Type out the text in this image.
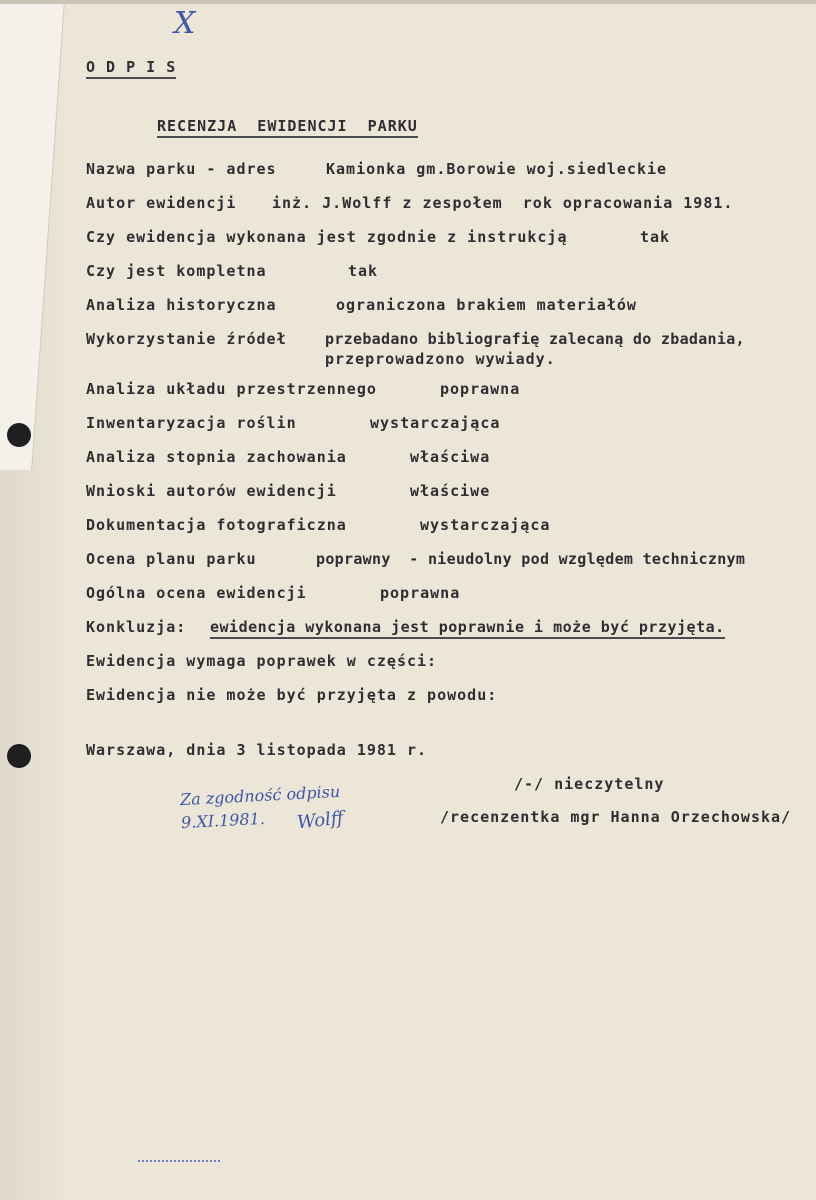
X
O D P I S
RECENZJA  EWIDENCJI  PARKU
Nazwa parku - adres	Kamionka gm.Borowie woj.siedleckie
Autor ewidencji inż. J.Wolff z zespołem  rok opracowania 1981.
Czy ewidencja wykonana jest zgodnie z instrukcją	tak
Czy jest kompletna	tak
Analiza historyczna	ograniczona brakiem materiałów
Wykorzystanie źródeł	przebadano bibliografię zalecaną do zbadania,
przeprowadzono wywiady.
Analiza układu przestrzennego	poprawna
Inwentaryzacja roślin	wystarczająca
Analiza stopnia zachowania	właściwa
Wnioski autorów ewidencji	właściwe
Dokumentacja fotograficzna	wystarczająca
Ocena planu parku	poprawny  - nieudolny pod względem technicznym
Ogólna ocena ewidencji	poprawna
Konkluzja: ewidencja wykonana jest poprawnie i może być przyjęta.
Ewidencja wymaga poprawek w części:
Ewidencja nie może być przyjęta z powodu:
Warszawa, dnia 3 listopada 1981 r.
/-/ nieczytelny
/recenzentka mgr Hanna Orzechowska/
Za zgodność odpisu
9.XI.1981. Wolff
